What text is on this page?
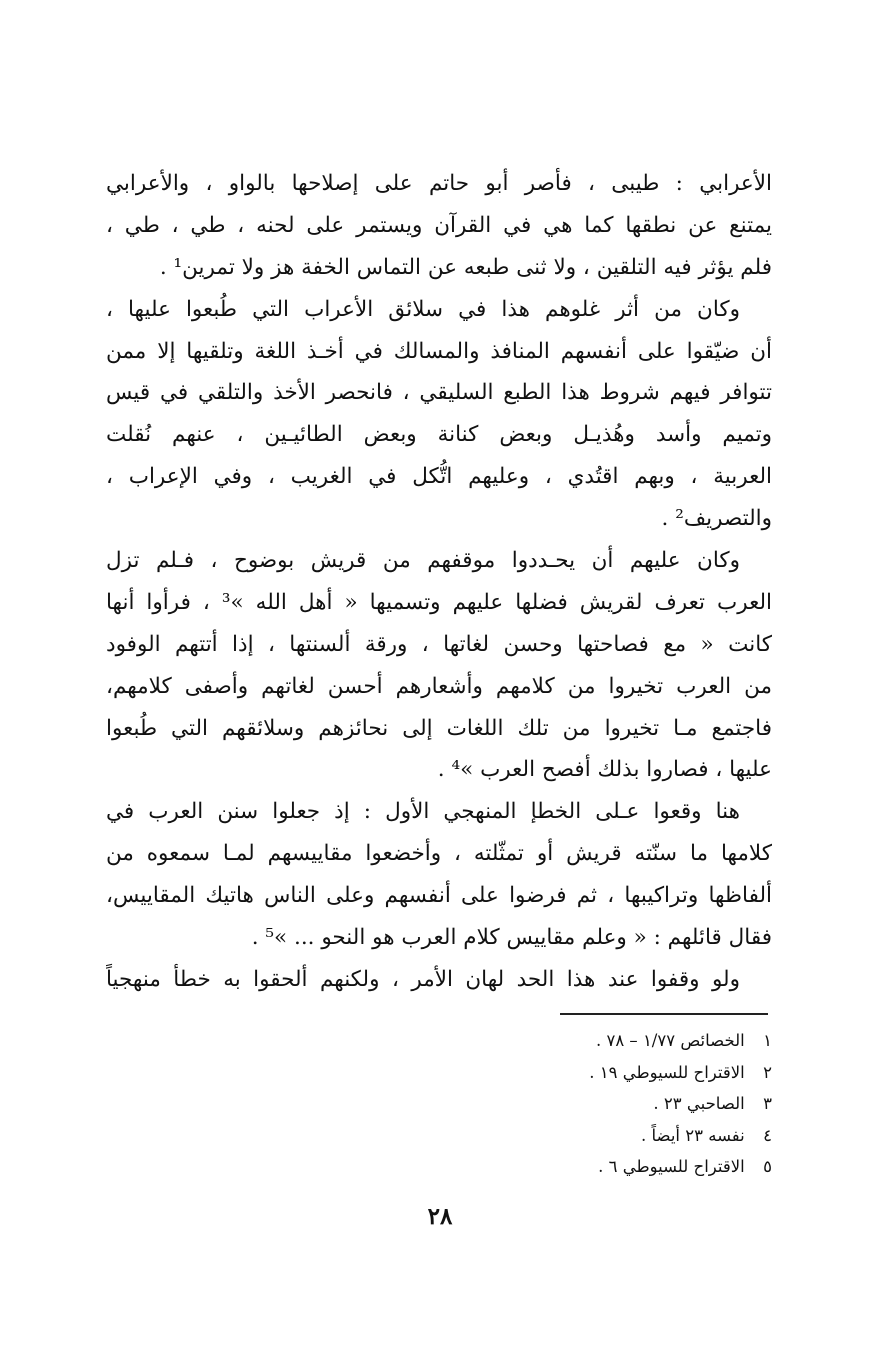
الأعرابي : طيبى ، فأصر أبو حاتم على إصلاحها بالواو ، والأعرابي
يمتنع عن نطقها كما هي في القرآن ويستمر على لحنه ، طي ، طي ،
فلم يؤثر فيه التلقين ، ولا ثنى طبعه عن التماس الخفة هز ولا تمرين¹ .
وكان من أثر غلوهم هذا في سلائق الأعراب التي طُبعوا عليها ،
أن ضيّقوا على أنفسهم المنافذ والمسالك في أخـذ اللغة وتلقيها إلا ممن
تتوافر فيهم شروط هذا الطبع السليقي ، فانحصر الأخذ والتلقي في قيس
وتميم وأسد وهُذيـل وبعض كنانة وبعض الطائيـين ، عنهم نُقلت
العربية ، وبهم اقتُدي ، وعليهم اتُّكل في الغريب ، وفي الإعراب ،
والتصريف² .
وكان عليهم أن يحـددوا موقفهم من قريش بوضوح ، فـلم تزل
العرب تعرف لقريش فضلها عليهم وتسميها « أهل الله »³ ، فرأوا أنها
كانت « مع فصاحتها وحسن لغاتها ، ورقة ألسنتها ، إذا أتتهم الوفود
من العرب تخيروا من كلامهم وأشعارهم أحسن لغاتهم وأصفى كلامهم،
فاجتمع مـا تخيروا من تلك اللغات إلى نحائزهم وسلائقهم التي طُبعوا
عليها ، فصاروا بذلك أفصح العرب »⁴ .
هنا وقعوا عـلى الخطإ المنهجي الأول : إذ جعلوا سنن العرب في
كلامها ما سنّته قريش أو تمثّلته ، وأخضعوا مقاييسهم لمـا سمعوه من
ألفاظها وتراكيبها ، ثم فرضوا على أنفسهم وعلى الناس هاتيك المقاييس،
فقال قائلهم : « وعلم مقاييس كلام العرب هو النحو ... »⁵ .
ولو وقفوا عند هذا الحد لهان الأمر ، ولكنهم ألحقوا به خطأ منهجياً
١ الخصائص ١/٧٧ – ٧٨ .
٢ الاقتراح للسيوطي ١٩ .
٣ الصاحبي ٢٣ .
٤ نفسه ٢٣ أيضاً .
٥ الاقتراح للسيوطي ٦ .
٢٨
